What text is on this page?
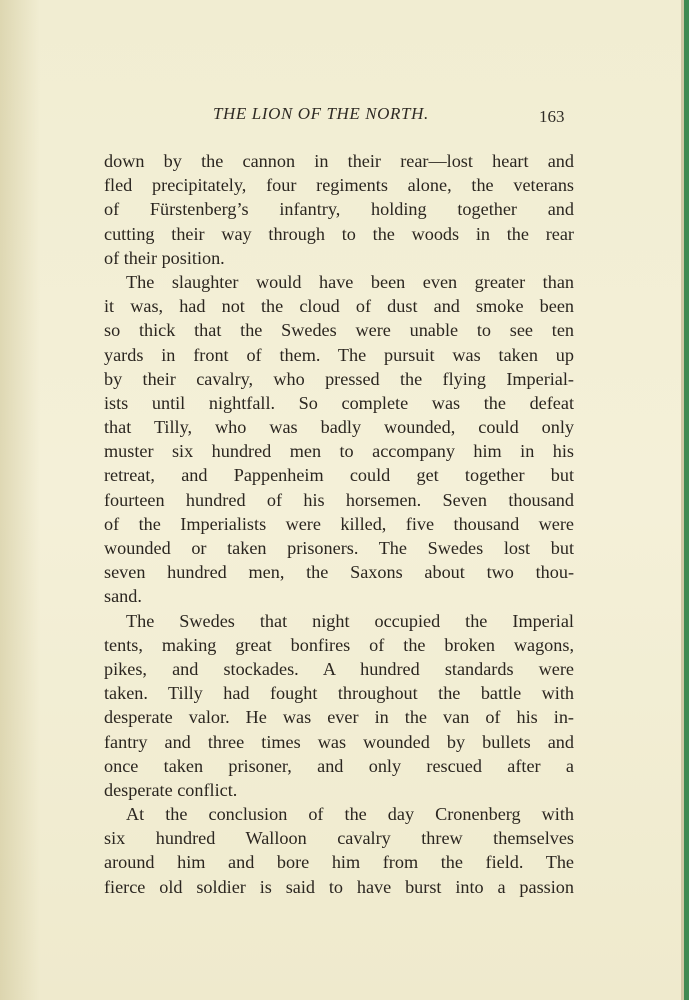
THE LION OF THE NORTH.	163
down by the cannon in their rear—lost heart and
fled precipitately, four regiments alone, the veterans
of Fürstenberg’s infantry, holding together and
cutting their way through to the woods in the rear
of their position.
The slaughter would have been even greater than
it was, had not the cloud of dust and smoke been
so thick that the Swedes were unable to see ten
yards in front of them. The pursuit was taken up
by their cavalry, who pressed the flying Imperial-
ists until nightfall. So complete was the defeat
that Tilly, who was badly wounded, could only
muster six hundred men to accompany him in his
retreat, and Pappenheim could get together but
fourteen hundred of his horsemen. Seven thousand
of the Imperialists were killed, five thousand were
wounded or taken prisoners. The Swedes lost but
seven hundred men, the Saxons about two thou-
sand.
The Swedes that night occupied the Imperial
tents, making great bonfires of the broken wagons,
pikes, and stockades. A hundred standards were
taken. Tilly had fought throughout the battle with
desperate valor. He was ever in the van of his in-
fantry and three times was wounded by bullets and
once taken prisoner, and only rescued after a
desperate conflict.
At the conclusion of the day Cronenberg with
six hundred Walloon cavalry threw themselves
around him and bore him from the field. The
fierce old soldier is said to have burst into a passion
